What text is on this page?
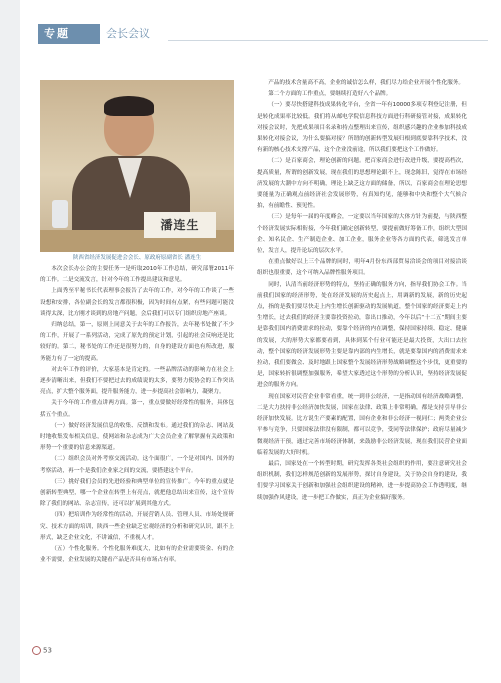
专题	会长会议
潘连生
陕西省经济发展促进会会长、原政府原副省长 潘连生

本次会长办公会的主要任务一是听取2010年工作总结，研究部署2011年的工作。二是交流发言，针对今年的工作提出建议和意见。

上面秀至平秘书长代表理事会报告了去年的工作，对今年的工作谈了一些设想和安排，各位副会长的发言都很积极，因为时间有点紧，有些问题可能没谈得太深，比方刚才谈到的房地产问题，会后我们可以专门组织房地产座谈。

归纳总结，第一，原则上同意关于去年的工作报告，去年秘书处做了不少的工作，开展了一系列活动，完成了原先的预定计划，引起的社会反响还是比较好的。第二，秘书处的工作还是很努力的，自身的建设方面也有所改进，服务能力有了一定的提高。

对去年工作的评价，大家基本是肯定的。一些品牌活动的影响力在社会上逐步清晰出来，但我们不要把过去的成绩说的太多，要努力使协会的工作突出亮点，扩大整个服务面，提升服务能力，进一步提高社会影响力，凝聚力。

关于今年的工作重点讲两方面。第一，重点要做好经常性的服务，具体包括五个重点。

（一）做好经济发展信息的收集、反馈和发布。通过我们的杂志、网站及时地收集发布相关信息，使网站和杂志成为广大会员企业了解掌握有关政策和形势一个重要的信息来源渠道。

（二）组织会员对外考察交流活动。这个面很广，一个是对国内、国外的考察活动，再一个是我们企业家之间的交流，要搭建这个平台。

（三）挑好我们会员的先进经验和典型单位的宣传推广。今年的重点就是创新转型典型，哪一个企业在转型上有亮点，就把他总结出来宣传，这个宣传除了我们的网站、杂志宣传，还可以扩展到其他方式。

（四）把培训作为经常性的活动，开展营销人员、管理人员、市场处规研究、技术方面的培训，陕西一些企业缺乏宏观经济的分析和研究认识，跟不上形式，缺乏企业文化，不讲诚信，不重视人才。

（五）个性化服务。个性化服务难度大，比如有的企业需要资金、有的企业不需要，企业发展的关键看产品是否具有市场占有率。

产品的技术含量高不高，企业的诚信怎么样，我们尽力给企业开展个性化服务。

第二个方面的工作重点，要继续打造好八个品牌。

（一）要尽快搭建科技成果转化平台，全省一年有10000多项专利登记注册，但是转化成果率比较低。我们将从邮电学院信息科技方面进行科研接管对接，成果转化对接会议时，先把成果项目名录和持点整理出来宣传，组织感兴趣的企业参加科技成果转化对接会议，为什么要搞对接？所谓的创新转型发展归根到底要靠科学技术，没有新的核心技术支撑产品，这个企业没前途，所以我们要把这个工作做好。

（二）是百家商会，理论创新的问题。把百家商会进行改进升级，要提高档次，提高质量，所谓的创新发展，现在我们的思想理论跟不上，现念陈旧，觉得在市场经济发展的大潮中方向不明确，理论上缺乏这方面的储备，所以，百家商会在理论思想要能量为正确观点前经济社会发展形势，有真知灼见，能够和中央和整个大气候合拍，有前瞻性、预见性。

（三）是每年一届的年度峰会，一定要以当年国家的大体方针为前提，与陕西整个经济发展实际相衔接，今年我们确定创新转型，要提前做好筹备工作，组织大型国企、知名民企、生产制造企业、加工企业，服务企业等各方面的代表，筛选发言单位，发言人，提升论坛的层次水平。

在重点做好以上三个品牌的同时，明年4月份东西部贸易洽谈会的项目对接洽谈组织也很重要，这个可纳入品牌性服务项目。

同时，认清当前经济形势的特点，坚持正确的服务方向，指导我们协会工作。当前我们国家的经济形势，处在经济发展的历史起点上，用调新的发展，新的历史起点，指的是我们要尽快走上内生增长创新驱动的发展轨道，整个国家的经济要走上内生增长，过去我们的经济主要靠投资拉动，靠出口推动，今年以后“十二五”期间主要是靠我们国内消费需求的拉动，要靠个经济的内在调整，保持国家持续、稳定、健康的发展，大的形势大家都要看到，具体到某个行业可能还是最大投资，大出口去拉动，整个国家的经济发展形势主要是靠内部的内生增长，就是要靠国内的消费需求来拉动，我们要做会、及时地跟上国家整个发展经济形势战略调整这个步伐，更重要的是，国家转折很调整加强服务，希望大家透过这个形势的分析认识，坚持经济发展促进会的服务方向。

现在国家对民营企业非常看重，统一到非公经济，一是指动国有经济战略调整，二是大力扶持非公经济加快发展，国家在法律、政策上非常明确，都是支持引导非公经济加快发展。比方说生产要素的配置，国有企业和非公经济一视同仁；两类企业公平参与竞争，只要国家法律没有限制，都可以竞争，受同等法律保护；政府尽量减少微观经济干预，通过完善市场经济体制，来鼓励非公经济发展，现在我们民营企业面临着发展的大好时机。

最后，国家处在一个转型时期，研究发挥各类社会组织的作用，要注意研究社会组织机制，我们怎样规范创新的发展形势，探讨自身建设，关于协会自身的建设，我们要学习国家关于创新和加强社会组织建设的精神，进一步提高协会工作透明度，继续加强作风建设，进一步把工作做实，真正为企业搞好服务。

53
